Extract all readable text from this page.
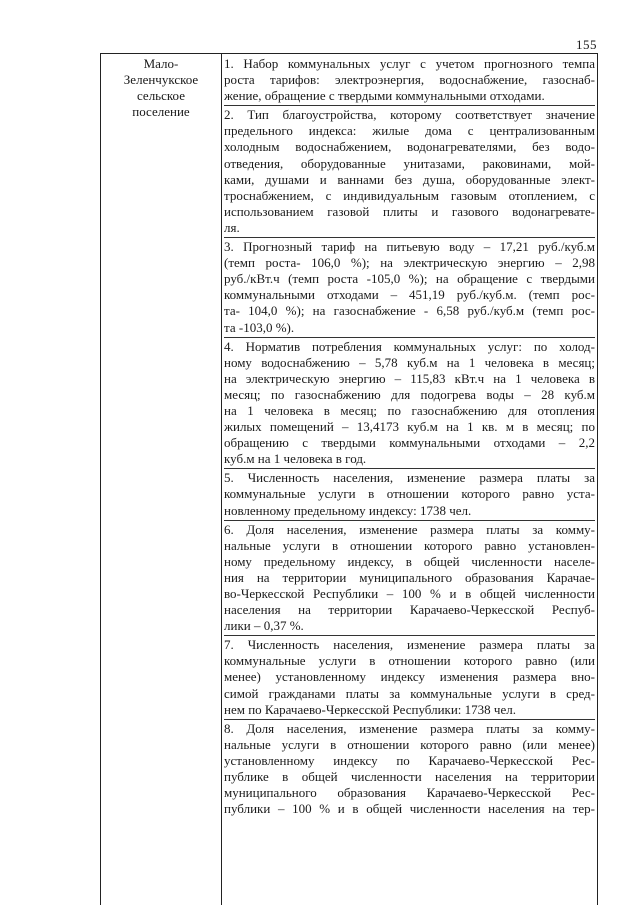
155
Мало-
Зеленчукское
сельское
поселение
1. Набор коммунальных услуг с учетом прогнозного темпа
роста тарифов: электроэнергия, водоснабжение, газоснаб-
жение, обращение с твердыми коммунальными отходами.
2. Тип благоустройства, которому соответствует значение
предельного индекса: жилые дома с централизованным
холодным водоснабжением, водонагревателями, без водо-
отведения, оборудованные унитазами, раковинами, мой-
ками, душами и ваннами без душа, оборудованные элект-
троснабжением, с индивидуальным газовым отоплением, с
использованием газовой плиты и газового водонагревате-
ля.
3. Прогнозный тариф на питьевую воду – 17,21 руб./куб.м
(темп роста- 106,0 %); на электрическую энергию – 2,98
руб./кВт.ч (темп роста -105,0 %); на обращение с твердыми
коммунальными отходами – 451,19 руб./куб.м. (темп рос-
та- 104,0 %); на газоснабжение - 6,58 руб./куб.м (темп рос-
та -103,0 %).
4. Норматив потребления коммунальных услуг: по холод-
ному водоснабжению – 5,78 куб.м на 1 человека в месяц;
на электрическую энергию – 115,83 кВт.ч на 1 человека в
месяц; по газоснабжению для подогрева воды – 28 куб.м
на 1 человека в месяц; по газоснабжению для отопления
жилых помещений – 13,4173 куб.м на 1 кв. м в месяц; по
обращению с твердыми коммунальными отходами – 2,2
куб.м на 1 человека в год.
5. Численность населения, изменение размера платы за
коммунальные услуги в отношении которого равно уста-
новленному предельному индексу: 1738 чел.
6. Доля населения, изменение размера платы за комму-
нальные услуги в отношении которого равно установлен-
ному предельному индексу, в общей численности населе-
ния на территории муниципального образования Карачае-
во-Черкесской Республики – 100 % и в общей численности
населения на территории Карачаево-Черкесской Респуб-
лики – 0,37 %.
7. Численность населения, изменение размера платы за
коммунальные услуги в отношении которого равно (или
менее) установленному индексу изменения размера вно-
симой гражданами платы за коммунальные услуги в сред-
нем по Карачаево-Черкесской Республики: 1738 чел.
8. Доля населения, изменение размера платы за комму-
нальные услуги в отношении которого равно (или менее)
установленному индексу по Карачаево-Черкесской Рес-
публике в общей численности населения на территории
муниципального образования Карачаево-Черкесской Рес-
публики – 100 % и в общей численности населения на тер-
